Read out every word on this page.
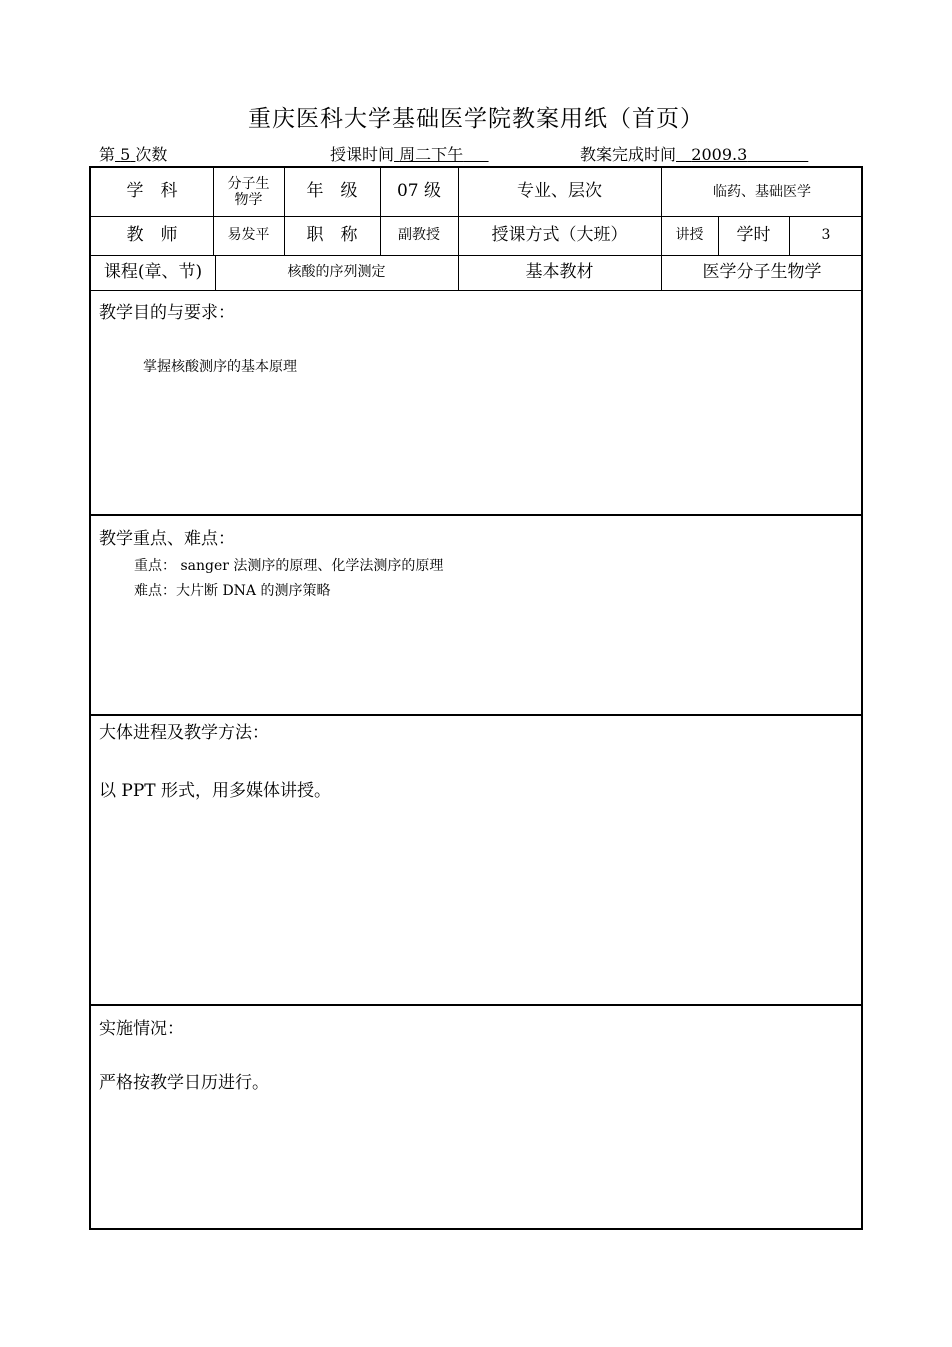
重庆医科大学基础医学院教案用纸（首页）
第 5 次数	授课时间 周二下午	教案完成时间 2009.3
学　科	分子生物学	年　级	07 级	专业、层次	临药、基础医学
教　师	易发平	职　称	副教授	授课方式（大班）	讲授	学时	3
课程(章、节)	核酸的序列测定	基本教材	医学分子生物学
教学目的与要求：
掌握核酸测序的基本原理
教学重点、难点：
重点： sanger 法测序的原理、化学法测序的原理
难点：大片断 DNA 的测序策略
大体进程及教学方法：
以 PPT 形式，用多媒体讲授。
实施情况：
严格按教学日历进行。
